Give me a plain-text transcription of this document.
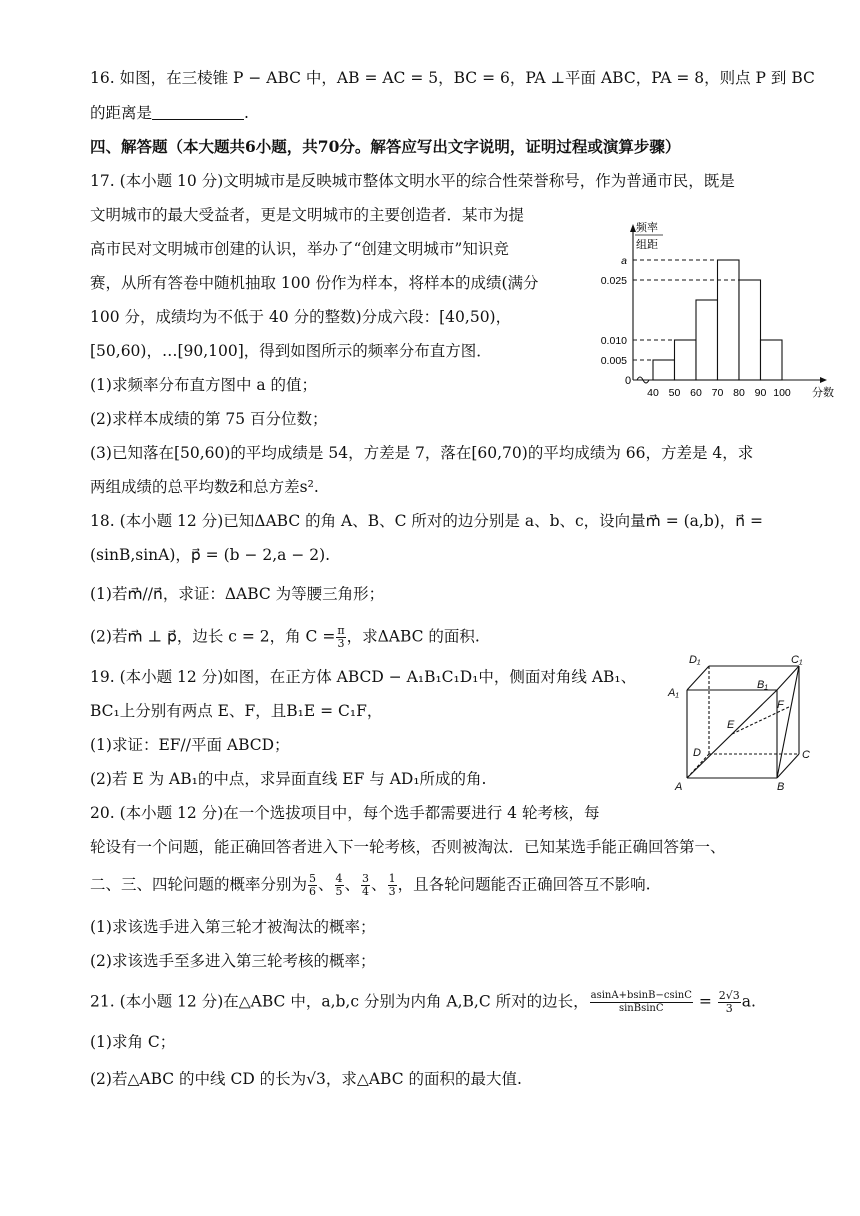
16. 如图，在三棱锥 P − ABC 中，AB = AC = 5，BC = 6，PA ⊥平面 ABC，PA = 8，则点 P 到 BC
的距离是	.
四、解答题（本大题共6小题，共70分。解答应写出文字说明，证明过程或演算步骤）
17. (本小题 10 分)文明城市是反映城市整体文明水平的综合性荣誉称号，作为普通市民，既是
文明城市的最大受益者，更是文明城市的主要创造者．某市为提
高市民对文明城市创建的认识，举办了“创建文明城市”知识竞
赛，从所有答卷中随机抽取 100 份作为样本，将样本的成绩(满分
100 分，成绩均为不低于 40 分的整数)分成六段：[40,50)，
[50,60)，…[90,100]，得到如图所示的频率分布直方图．
(1)求频率分布直方图中 a 的值；
(2)求样本成绩的第 75 百分位数；
(3)已知落在[50,60)的平均成绩是 54，方差是 7，落在[60,70)的平均成绩为 66，方差是 4，求
两组成绩的总平均数z̄和总方差s².
0
频率
组距
0.005
0.010
0.025
a
40 50 60 70 80 90 100 分数
18. (本小题 12 分)已知ΔABC 的角 A、B、C 所对的边分别是 a、b、c，设向量m⃗ = (a,b)，n⃗ =
(sinB,sinA)，p⃗ = (b − 2,a − 2).
(1)若m⃗//n⃗，求证：ΔABC 为等腰三角形；
(2)若m⃗ ⊥ p⃗，边长 c = 2，角 $C = \frac{\pi}{3}$ ，求ΔABC 的面积.
19. (本小题 12 分)如图，在正方体 ABCD − A₁B₁C₁D₁中，侧面对角线 AB₁、
BC₁上分别有两点 E、F，且B₁E = C₁F，
(1)求证：EF//平面 ABCD；
(2)若 E 为 AB₁的中点，求异面直线 EF 与 AD₁所成的角.
D₁	C₁
A₁
B₁
F
E
D	C
A	B
20. (本小题 12 分)在一个选拔项目中，每个选手都需要进行 4 轮考核，每
轮设有一个问题，能正确回答者进入下一轮考核，否则被淘汰．已知某选手能正确回答第一、
二、三、四轮问题的概率分别为 $\frac{5}{6}$ 、 $\frac{4}{5}$ 、 $\frac{3}{4}$ 、 $\frac{1}{3}$ ，且各轮问题能否正确回答互不影响.
(1)求该选手进入第三轮才被淘汰的概率；
(2)求该选手至多进入第三轮考核的概率；
21. (本小题 12 分)在△ABC 中，a,b,c 分别为内角 A,B,C 所对的边长， $\frac{asinA+bsinB-csinC}{\text{sinBsinC}} = \frac{2√3}{3} a$.
(1)求角 C；
(2)若△ABC 的中线 CD 的长为√3，求△ABC 的面积的最大值.
